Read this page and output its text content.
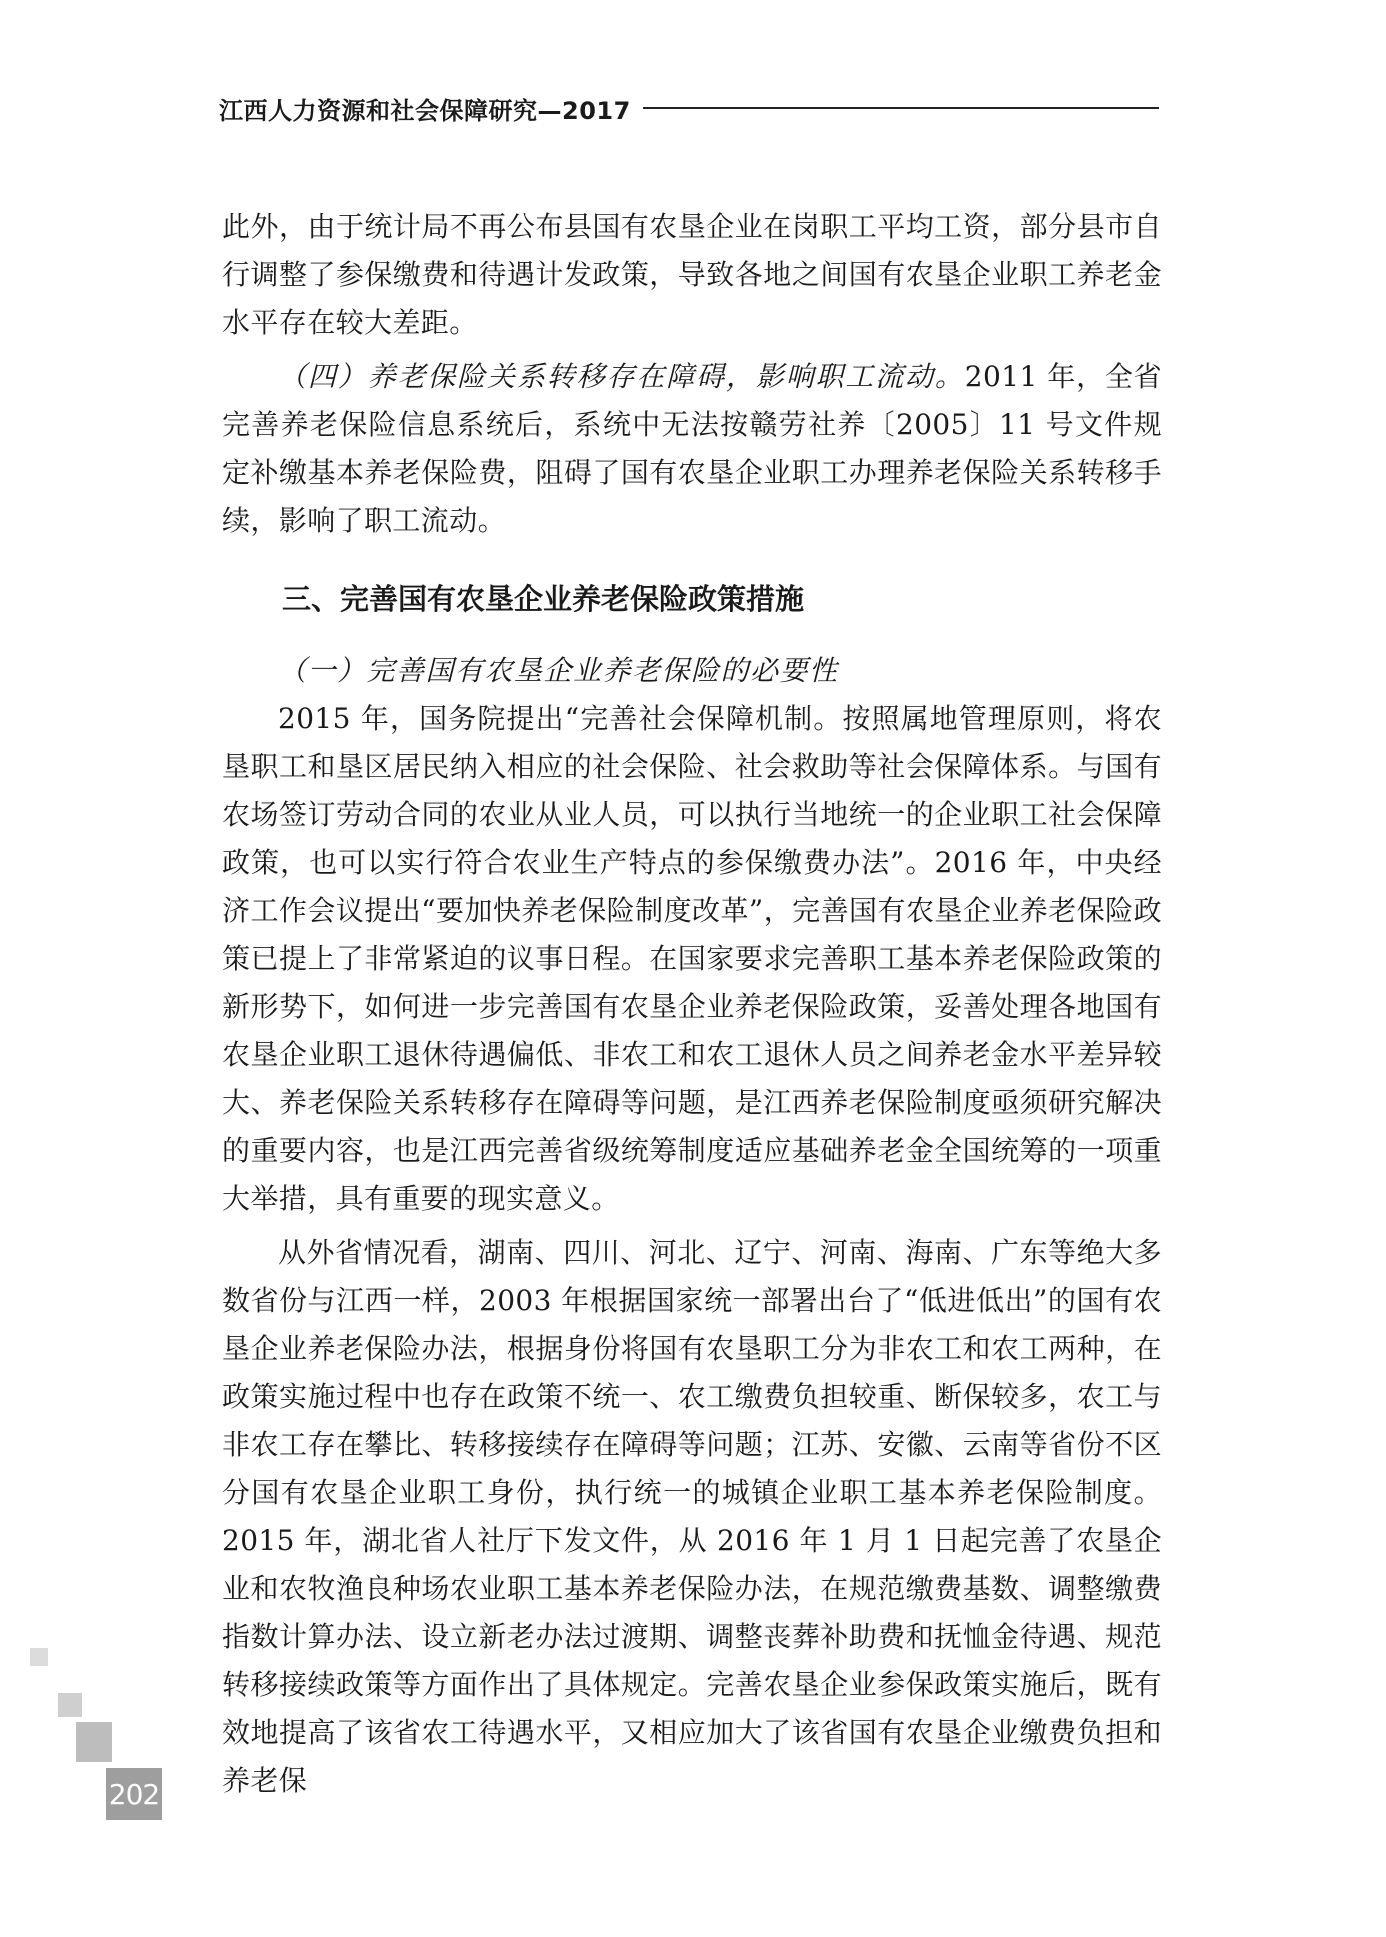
江西人力资源和社会保障研究—2017

此外，由于统计局不再公布县国有农垦企业在岗职工平均工资，部分县市自行调整了参保缴费和待遇计发政策，导致各地之间国有农垦企业职工养老金水平存在较大差距。

（四）养老保险关系转移存在障碍，影响职工流动。2011 年，全省完善养老保险信息系统后，系统中无法按赣劳社养〔2005〕11 号文件规定补缴基本养老保险费，阻碍了国有农垦企业职工办理养老保险关系转移手续，影响了职工流动。

三、完善国有农垦企业养老保险政策措施

（一）完善国有农垦企业养老保险的必要性

2015 年，国务院提出“完善社会保障机制。按照属地管理原则，将农垦职工和垦区居民纳入相应的社会保险、社会救助等社会保障体系。与国有农场签订劳动合同的农业从业人员，可以执行当地统一的企业职工社会保障政策，也可以实行符合农业生产特点的参保缴费办法”。2016 年，中央经济工作会议提出“要加快养老保险制度改革”，完善国有农垦企业养老保险政策已提上了非常紧迫的议事日程。在国家要求完善职工基本养老保险政策的新形势下，如何进一步完善国有农垦企业养老保险政策，妥善处理各地国有农垦企业职工退休待遇偏低、非农工和农工退休人员之间养老金水平差异较大、养老保险关系转移存在障碍等问题，是江西养老保险制度亟须研究解决的重要内容，也是江西完善省级统筹制度适应基础养老金全国统筹的一项重大举措，具有重要的现实意义。

从外省情况看，湖南、四川、河北、辽宁、河南、海南、广东等绝大多数省份与江西一样，2003 年根据国家统一部署出台了“低进低出”的国有农垦企业养老保险办法，根据身份将国有农垦职工分为非农工和农工两种，在政策实施过程中也存在政策不统一、农工缴费负担较重、断保较多，农工与非农工存在攀比、转移接续存在障碍等问题；江苏、安徽、云南等省份不区分国有农垦企业职工身份，执行统一的城镇企业职工基本养老保险制度。2015 年，湖北省人社厅下发文件，从 2016 年 1 月 1 日起完善了农垦企业和农牧渔良种场农业职工基本养老保险办法，在规范缴费基数、调整缴费指数计算办法、设立新老办法过渡期、调整丧葬补助费和抚恤金待遇、规范转移接续政策等方面作出了具体规定。完善农垦企业参保政策实施后，既有效地提高了该省农工待遇水平，又相应加大了该省国有农垦企业缴费负担和养老保

202
